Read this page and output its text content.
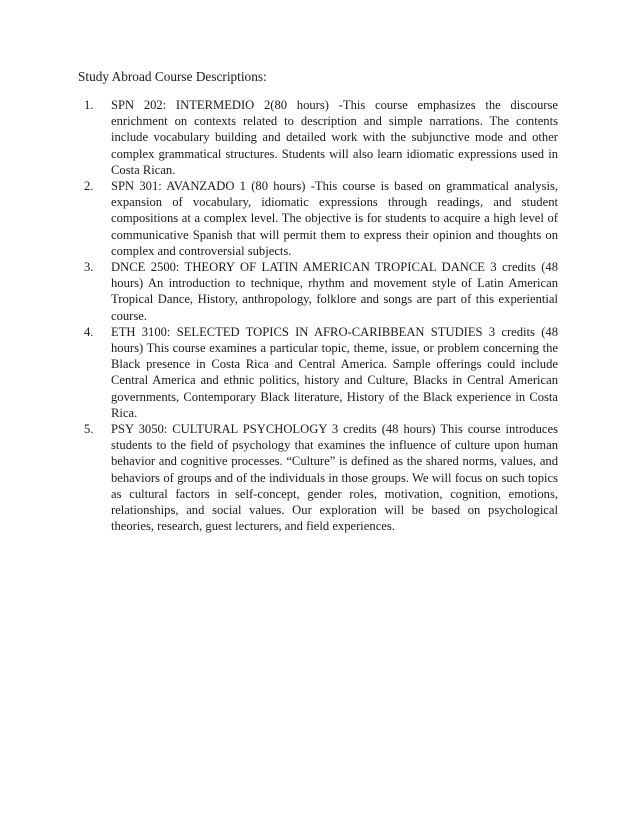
Study Abroad Course Descriptions:
1. SPN 202: INTERMEDIO 2(80 hours) -This course emphasizes the discourse enrichment on contexts related to description and simple narrations. The contents include vocabulary building and detailed work with the subjunctive mode and other complex grammatical structures. Students will also learn idiomatic expressions used in Costa Rican.
2. SPN 301: AVANZADO 1 (80 hours) -This course is based on grammatical analysis, expansion of vocabulary, idiomatic expressions through readings, and student compositions at a complex level. The objective is for students to acquire a high level of communicative Spanish that will permit them to express their opinion and thoughts on complex and controversial subjects.
3. DNCE 2500: THEORY OF LATIN AMERICAN TROPICAL DANCE 3 credits (48 hours) An introduction to technique, rhythm and movement style of Latin American Tropical Dance, History, anthropology, folklore and songs are part of this experiential course.
4. ETH 3100: SELECTED TOPICS IN AFRO-CARIBBEAN STUDIES 3 credits (48 hours) This course examines a particular topic, theme, issue, or problem concerning the Black presence in Costa Rica and Central America. Sample offerings could include Central America and ethnic politics, history and Culture, Blacks in Central American governments, Contemporary Black literature, History of the Black experience in Costa Rica.
5. PSY 3050: CULTURAL PSYCHOLOGY 3 credits (48 hours) This course introduces students to the field of psychology that examines the influence of culture upon human behavior and cognitive processes. “Culture” is defined as the shared norms, values, and behaviors of groups and of the individuals in those groups. We will focus on such topics as cultural factors in self-concept, gender roles, motivation, cognition, emotions, relationships, and social values. Our exploration will be based on psychological theories, research, guest lecturers, and field experiences.
